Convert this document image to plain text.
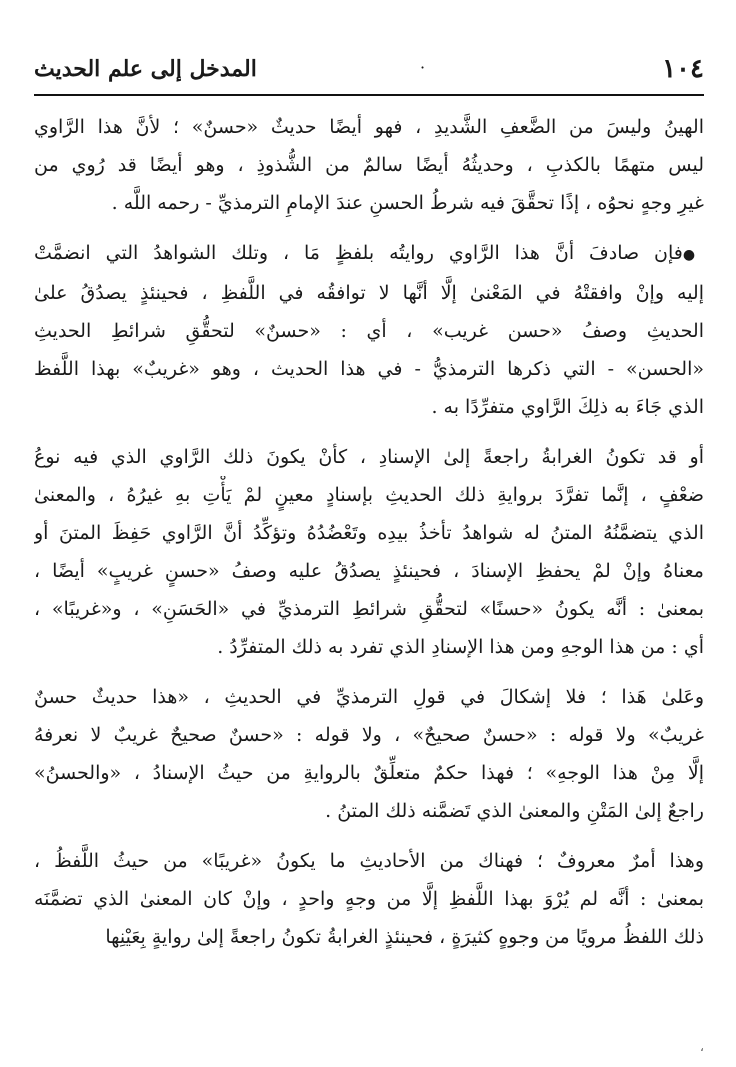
١٠٤
المدخل إلى علم الحديث	·
الهينُ وليسَ من الضَّعفِ الشَّديدِ ، فهو أيضًا حديثٌ «حسنٌ» ؛ لأنَّ هذا الرَّاوي
ليس متهمًا بالكذبِ ، وحديثُهُ أيضًا سالمٌ من الشُّذوذِ ، وهو أيضًا قد رُوي من
غيرِ وجهٍ نحوُه ، إذًا تحقَّقَ فيه شرطُ الحسنِ عندَ الإمامِ الترمذيِّ - رحمه اللَّه .
●فإن صادفَ أنَّ هذا الرَّاوي روايتُه بلفظٍ مَا ، وتلك الشواهدُ التي انضمَّتْ
إليه وإنْ وافقتْهُ في المَعْنىٰ إلَّا أنَّها لا توافقُه في اللَّفظِ ، فحينئذٍ يصدُقُ علىٰ
الحديثِ وصفُ «حسن غريب» ، أي : «حسنٌ» لتحقُّقِ شرائطِ الحديثِ
«الحسن» - التي ذكرها الترمذيُّ - في هذا الحديث ، وهو «غريبٌ» بهذا اللَّفظ
الذي جَاءَ به ذلِكَ الرَّاوي متفرِّدًا به .
أو قد تكونُ الغرابةُ راجعةً إلىٰ الإسنادِ ، كأنْ يكونَ ذلك الرَّاوي الذي فيه نوعُ
ضعْفٍ ، إنَّما تفرَّدَ بروايةِ ذلك الحديثِ بإسنادٍ معينٍ لمْ يَأْتِ بهِ غيرُهُ ، والمعنىٰ
الذي يتضمَّنُهُ المتنُ له شواهدُ تأخذُ بيدِه وتَعْضُدُهُ وتؤكِّدُ أنَّ الرَّاوي حَفِظَ المتنَ أو
معناهُ وإنْ لمْ يحفظِ الإسنادَ ، فحينئذٍ يصدُقُ عليه وصفُ «حسنٍ غريبٍ» أيضًا ،
بمعنىٰ : أنَّه يكونُ «حسنًا» لتحقُّقِ شرائطِ الترمذيِّ في «الحَسَنِ» ، و«غريبًا» ،
أي : من هذا الوجهِ ومن هذا الإسنادِ الذي تفرد به ذلك المتفرِّدُ .
وعَلىٰ هَذا ؛ فلا إشكالَ في قولِ الترمذيِّ في الحديثِ ، «هذا حديثٌ حسنٌ
غريبٌ» ولا قوله : «حسنٌ صحيحٌ» ، ولا قوله : «حسنٌ صحيحٌ غريبٌ لا نعرفهُ
إلَّا مِنْ هذا الوجهِ» ؛ فهذا حكمٌ متعلِّقٌ بالروايةِ من حيثُ الإسنادُ ، «والحسنُ»
راجعٌ إلىٰ المَتْنِ والمعنىٰ الذي تَضمَّنه ذلك المتنُ .
وهذا أمرٌ معروفٌ ؛ فهناك من الأحاديثِ ما يكونُ «غريبًا» من حيثُ اللَّفظُ ،
بمعنىٰ : أنَّه لم يُرْوَ بهذا اللَّفظِ إلَّا من وجهٍ واحدٍ ، وإنْ كان المعنىٰ الذي تضمَّنَه
ذلك اللفظُ مرويًا من وجوهٍ كثيرَةٍ ، فحينئذٍ الغرابةُ تكونُ راجعةً إلىٰ روايةٍ بِعَيْنِها
،
